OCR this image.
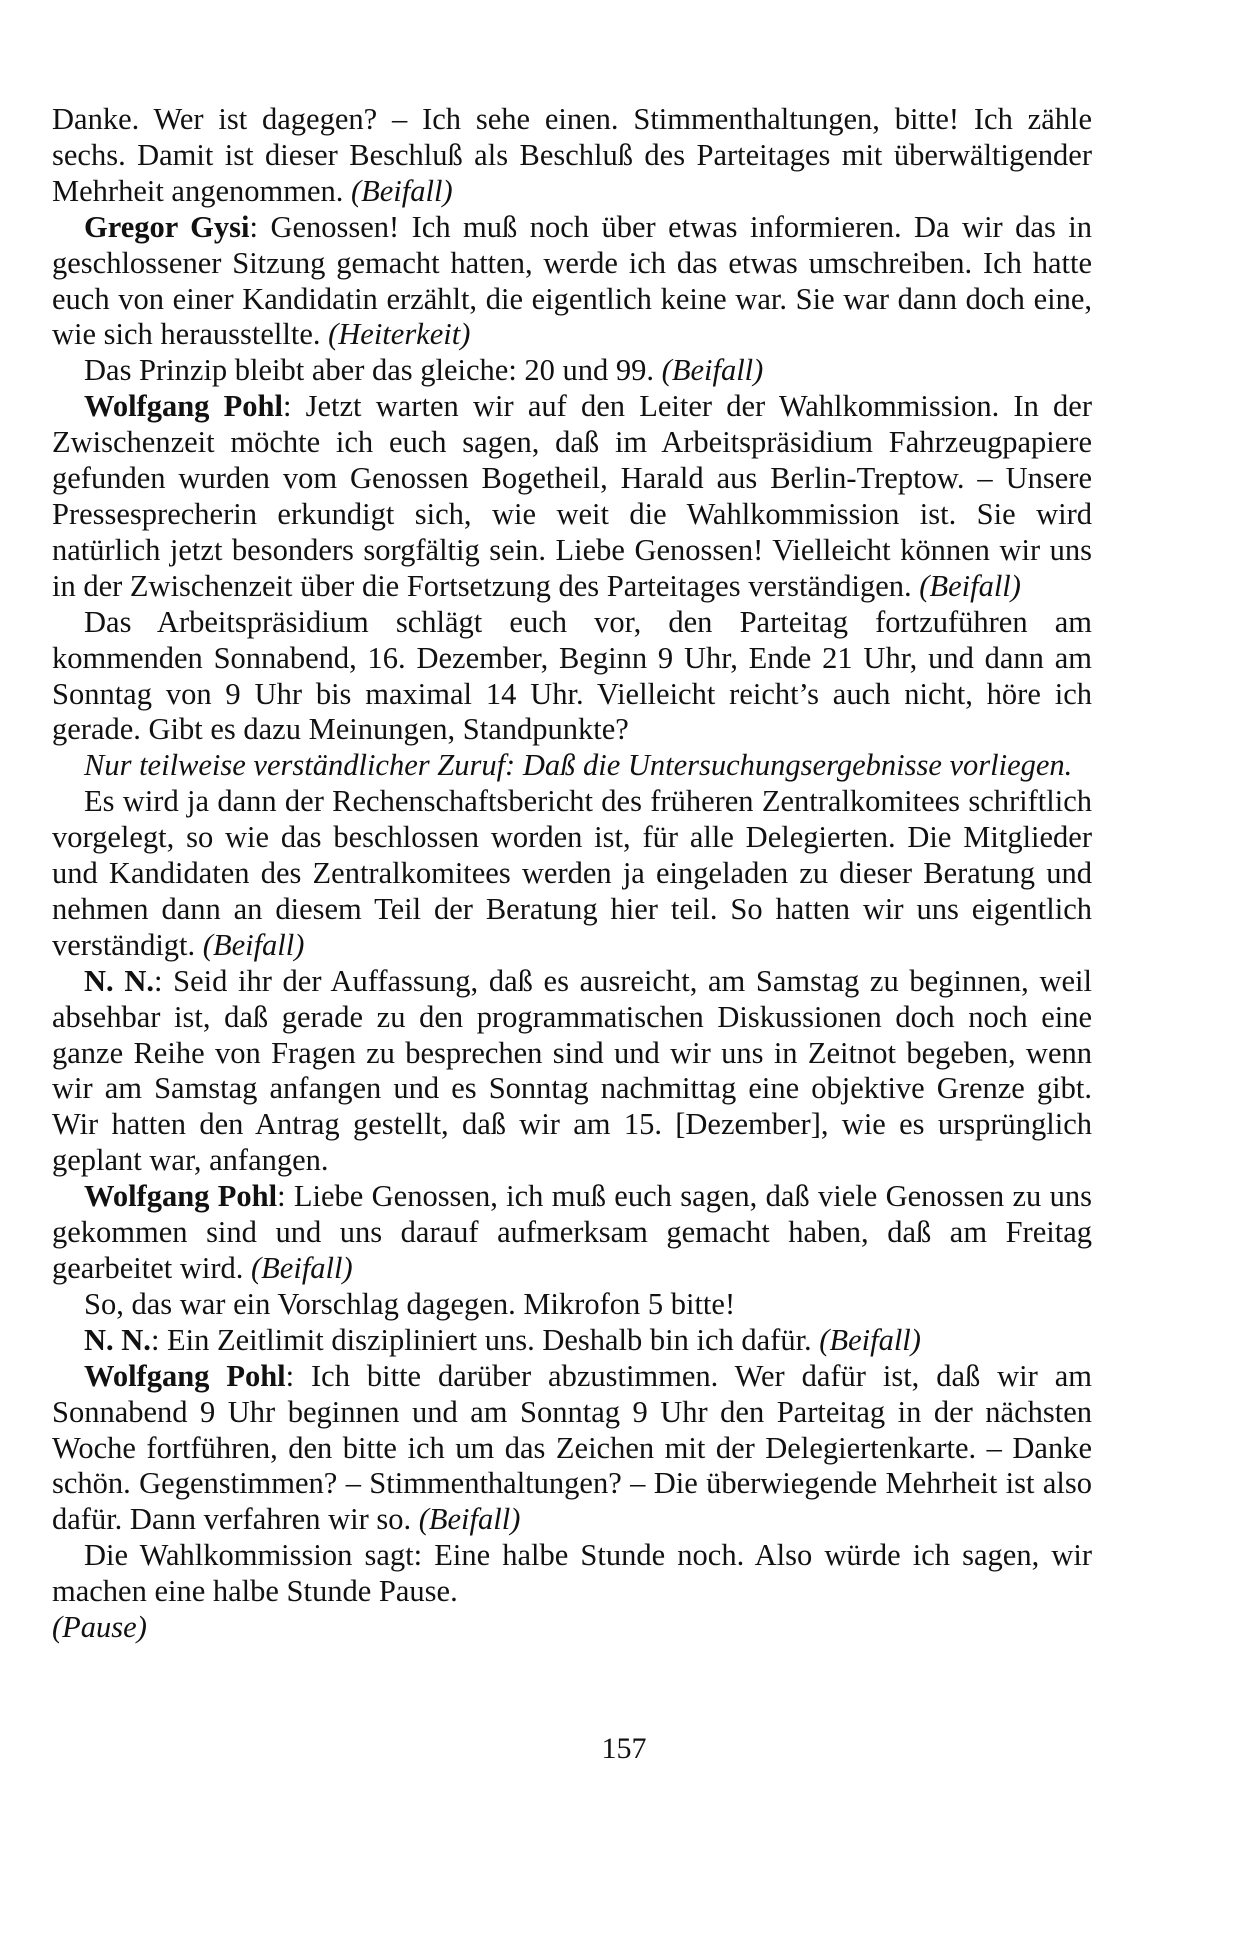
Danke. Wer ist dagegen? – Ich sehe einen. Stimmenthaltungen, bitte! Ich zähle sechs. Damit ist dieser Beschluß als Beschluß des Parteitages mit überwältigender Mehrheit angenommen. (Beifall)

Gregor Gysi: Genossen! Ich muß noch über etwas informieren. Da wir das in geschlossener Sitzung gemacht hatten, werde ich das etwas umschreiben. Ich hatte euch von einer Kandidatin erzählt, die eigentlich keine war. Sie war dann doch eine, wie sich herausstellte. (Heiterkeit)

Das Prinzip bleibt aber das gleiche: 20 und 99. (Beifall)

Wolfgang Pohl: Jetzt warten wir auf den Leiter der Wahlkommission. In der Zwischenzeit möchte ich euch sagen, daß im Arbeitspräsidium Fahrzeugpapiere gefunden wurden vom Genossen Bogetheil, Harald aus Berlin-Treptow. – Unsere Pressesprecherin erkundigt sich, wie weit die Wahlkommission ist. Sie wird natürlich jetzt besonders sorgfältig sein. Liebe Genossen! Vielleicht können wir uns in der Zwischenzeit über die Fortsetzung des Parteitages verständigen. (Beifall)

Das Arbeitspräsidium schlägt euch vor, den Parteitag fortzuführen am kommenden Sonnabend, 16. Dezember, Beginn 9 Uhr, Ende 21 Uhr, und dann am Sonntag von 9 Uhr bis maximal 14 Uhr. Vielleicht reicht’s auch nicht, höre ich gerade. Gibt es dazu Meinungen, Standpunkte?

Nur teilweise verständlicher Zuruf: Daß die Untersuchungsergebnisse vorliegen.

Es wird ja dann der Rechenschaftsbericht des früheren Zentralkomitees schriftlich vorgelegt, so wie das beschlossen worden ist, für alle Delegierten. Die Mitglieder und Kandidaten des Zentralkomitees werden ja eingeladen zu dieser Beratung und nehmen dann an diesem Teil der Beratung hier teil. So hatten wir uns eigentlich verständigt. (Beifall)

N. N.: Seid ihr der Auffassung, daß es ausreicht, am Samstag zu beginnen, weil absehbar ist, daß gerade zu den programmatischen Diskussionen doch noch eine ganze Reihe von Fragen zu besprechen sind und wir uns in Zeitnot begeben, wenn wir am Samstag anfangen und es Sonntag nachmittag eine objektive Grenze gibt. Wir hatten den Antrag gestellt, daß wir am 15. [Dezember], wie es ursprünglich geplant war, anfangen.

Wolfgang Pohl: Liebe Genossen, ich muß euch sagen, daß viele Genossen zu uns gekommen sind und uns darauf aufmerksam gemacht haben, daß am Freitag gearbeitet wird. (Beifall)

So, das war ein Vorschlag dagegen. Mikrofon 5 bitte!

N. N.: Ein Zeitlimit diszipliniert uns. Deshalb bin ich dafür. (Beifall)

Wolfgang Pohl: Ich bitte darüber abzustimmen. Wer dafür ist, daß wir am Sonnabend 9 Uhr beginnen und am Sonntag 9 Uhr den Parteitag in der nächsten Woche fortführen, den bitte ich um das Zeichen mit der Delegiertenkarte. – Danke schön. Gegenstimmen? – Stimmenthaltungen? – Die überwiegende Mehrheit ist also dafür. Dann verfahren wir so. (Beifall)

Die Wahlkommission sagt: Eine halbe Stunde noch. Also würde ich sagen, wir machen eine halbe Stunde Pause.

(Pause)

157
